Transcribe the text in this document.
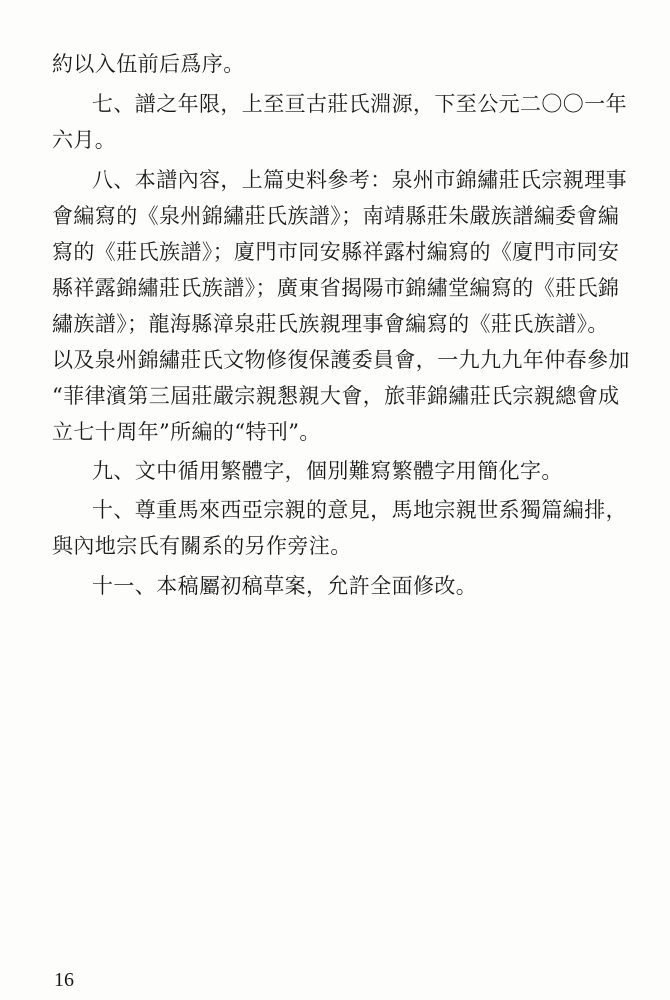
約以入伍前后爲序。
七、譜之年限，上至亘古莊氏淵源，下至公元二〇〇一年
六月。
八、本譜內容，上篇史料參考：泉州市錦繡莊氏宗親理事
會編寫的《泉州錦繡莊氏族譜》；南靖縣莊朱嚴族譜編委會編
寫的《莊氏族譜》；廈門市同安縣祥露村編寫的《廈門市同安
縣祥露錦繡莊氏族譜》；廣東省揭陽市錦繡堂編寫的《莊氏錦
繡族譜》；龍海縣漳泉莊氏族親理事會編寫的《莊氏族譜》。
以及泉州錦繡莊氏文物修復保護委員會，一九九九年仲春參加
“菲律濱第三屆莊嚴宗親懇親大會，旅菲錦繡莊氏宗親總會成
立七十周年”所編的“特刊”。
九、文中循用繁體字，個別難寫繁體字用簡化字。
十、尊重馬來西亞宗親的意見，馬地宗親世系獨篇編排，
與內地宗氏有關系的另作旁注。
十一、本稿屬初稿草案，允許全面修改。
16
